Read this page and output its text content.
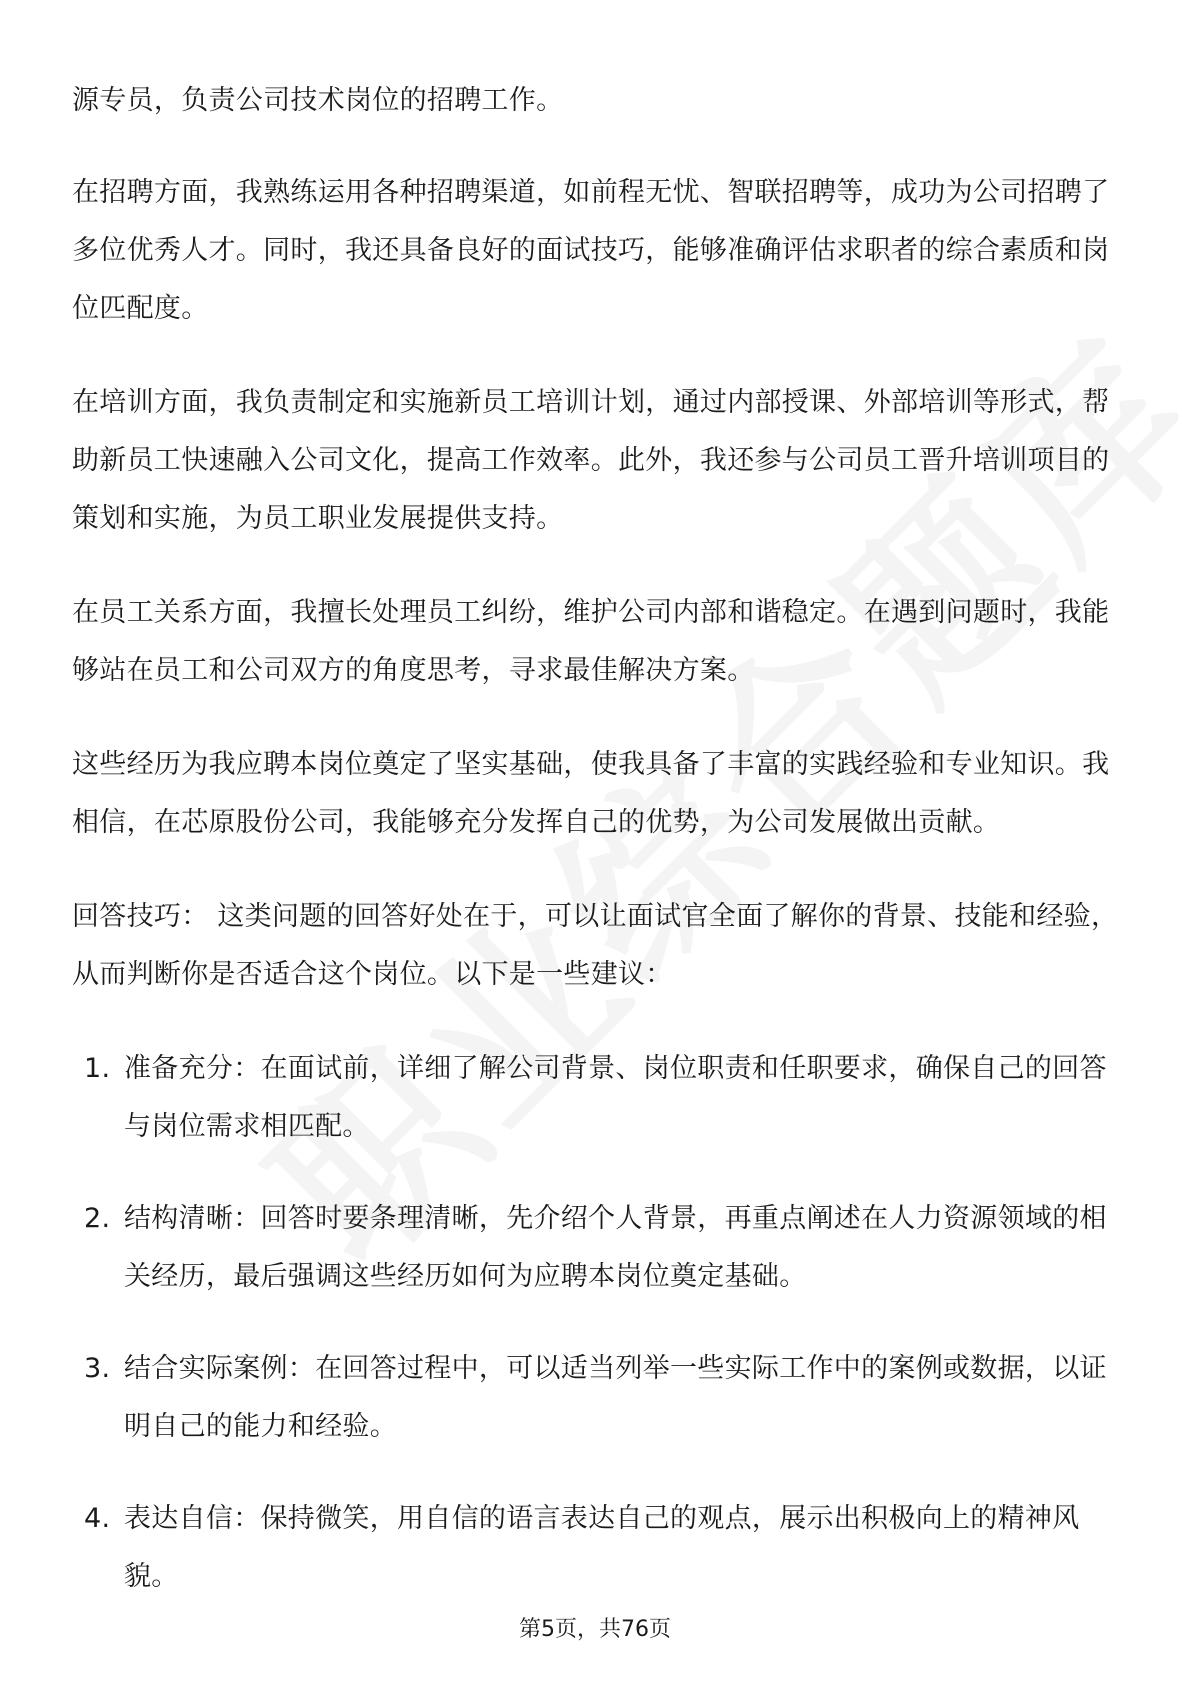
源专员，负责公司技术岗位的招聘工作。

在招聘方面，我熟练运用各种招聘渠道，如前程无忧、智联招聘等，成功为公司招聘了多位优秀人才。同时，我还具备良好的面试技巧，能够准确评估求职者的综合素质和岗位匹配度。

在培训方面，我负责制定和实施新员工培训计划，通过内部授课、外部培训等形式，帮助新员工快速融入公司文化，提高工作效率。此外，我还参与公司员工晋升培训项目的策划和实施，为员工职业发展提供支持。

在员工关系方面，我擅长处理员工纠纷，维护公司内部和谐稳定。在遇到问题时，我能够站在员工和公司双方的角度思考，寻求最佳解决方案。

这些经历为我应聘本岗位奠定了坚实基础，使我具备了丰富的实践经验和专业知识。我相信，在芯原股份公司，我能够充分发挥自己的优势，为公司发展做出贡献。

回答技巧： 这类问题的回答好处在于，可以让面试官全面了解你的背景、技能和经验，从而判断你是否适合这个岗位。以下是一些建议：

1. 准备充分：在面试前，详细了解公司背景、岗位职责和任职要求，确保自己的回答与岗位需求相匹配。
2. 结构清晰：回答时要条理清晰，先介绍个人背景，再重点阐述在人力资源领域的相关经历，最后强调这些经历如何为应聘本岗位奠定基础。
3. 结合实际案例：在回答过程中，可以适当列举一些实际工作中的案例或数据，以证明自己的能力和经验。
4. 表达自信：保持微笑，用自信的语言表达自己的观点，展示出积极向上的精神风貌。
第5页，共76页
